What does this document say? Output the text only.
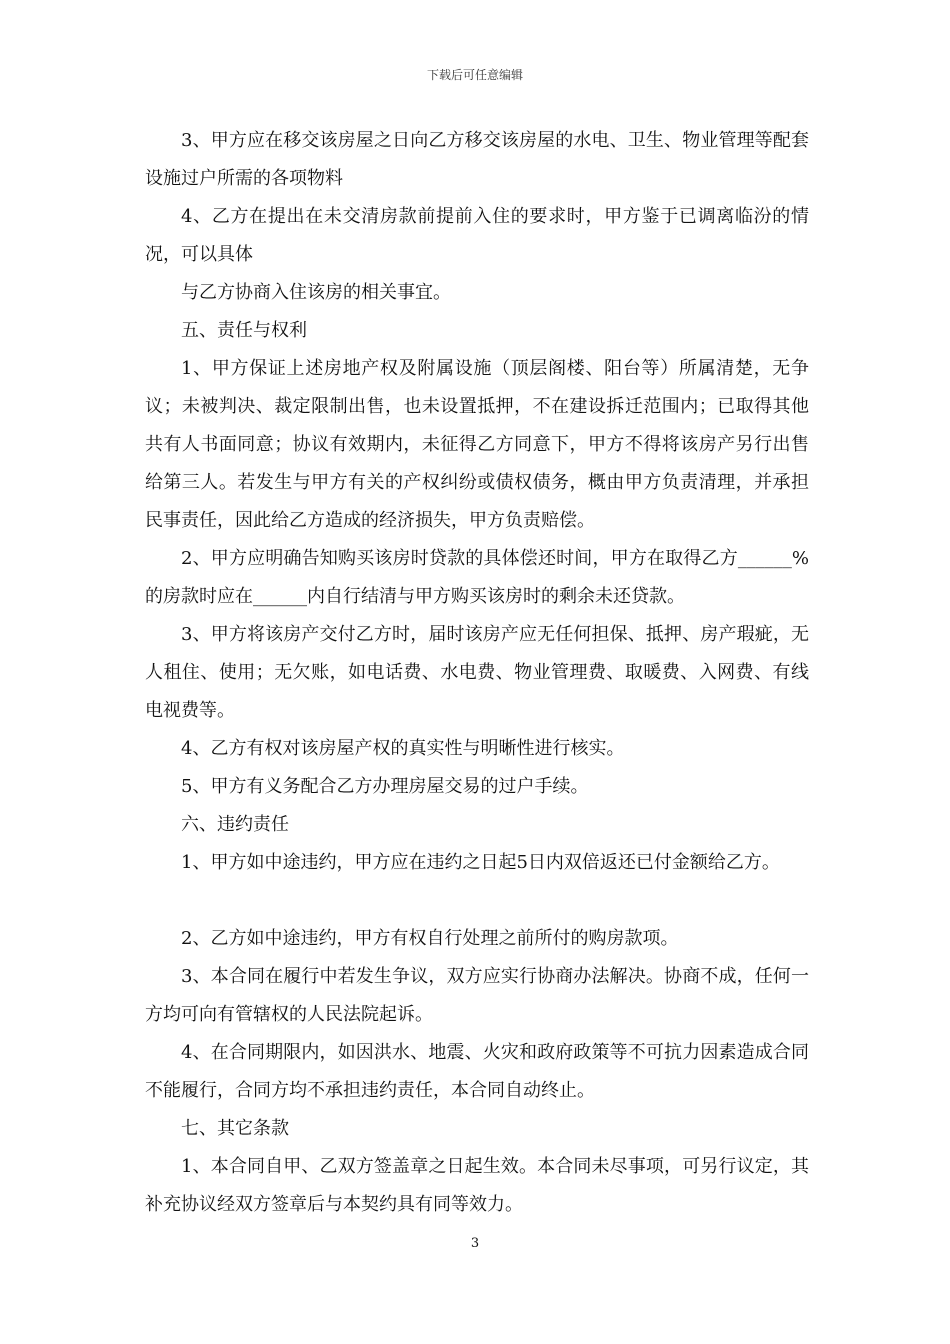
下载后可任意编辑

3、甲方应在移交该房屋之日向乙方移交该房屋的水电、卫生、物业管理等配套设施过户所需的各项物料

4、乙方在提出在未交清房款前提前入住的要求时，甲方鉴于已调离临汾的情况，可以具体

与乙方协商入住该房的相关事宜。

五、责任与权利

1、甲方保证上述房地产权及附属设施（顶层阁楼、阳台等）所属清楚，无争议；未被判决、裁定限制出售，也未设置抵押，不在建设拆迁范围内；已取得其他共有人书面同意；协议有效期内，未征得乙方同意下，甲方不得将该房产另行出售给第三人。若发生与甲方有关的产权纠纷或债权债务，概由甲方负责清理，并承担民事责任，因此给乙方造成的经济损失，甲方负责赔偿。

2、甲方应明确告知购买该房时贷款的具体偿还时间，甲方在取得乙方______%的房款时应在______内自行结清与甲方购买该房时的剩余未还贷款。

3、甲方将该房产交付乙方时，届时该房产应无任何担保、抵押、房产瑕疵，无人租住、使用；无欠账，如电话费、水电费、物业管理费、取暖费、入网费、有线电视费等。

4、乙方有权对该房屋产权的真实性与明晰性进行核实。

5、甲方有义务配合乙方办理房屋交易的过户手续。

六、违约责任

1、甲方如中途违约，甲方应在违约之日起5日内双倍返还已付金额给乙方。

2、乙方如中途违约，甲方有权自行处理之前所付的购房款项。

3、本合同在履行中若发生争议，双方应实行协商办法解决。协商不成，任何一方均可向有管辖权的人民法院起诉。

4、在合同期限内，如因洪水、地震、火灾和政府政策等不可抗力因素造成合同不能履行，合同方均不承担违约责任，本合同自动终止。

七、其它条款

1、本合同自甲、乙双方签盖章之日起生效。本合同未尽事项，可另行议定，其补充协议经双方签章后与本契约具有同等效力。

3
